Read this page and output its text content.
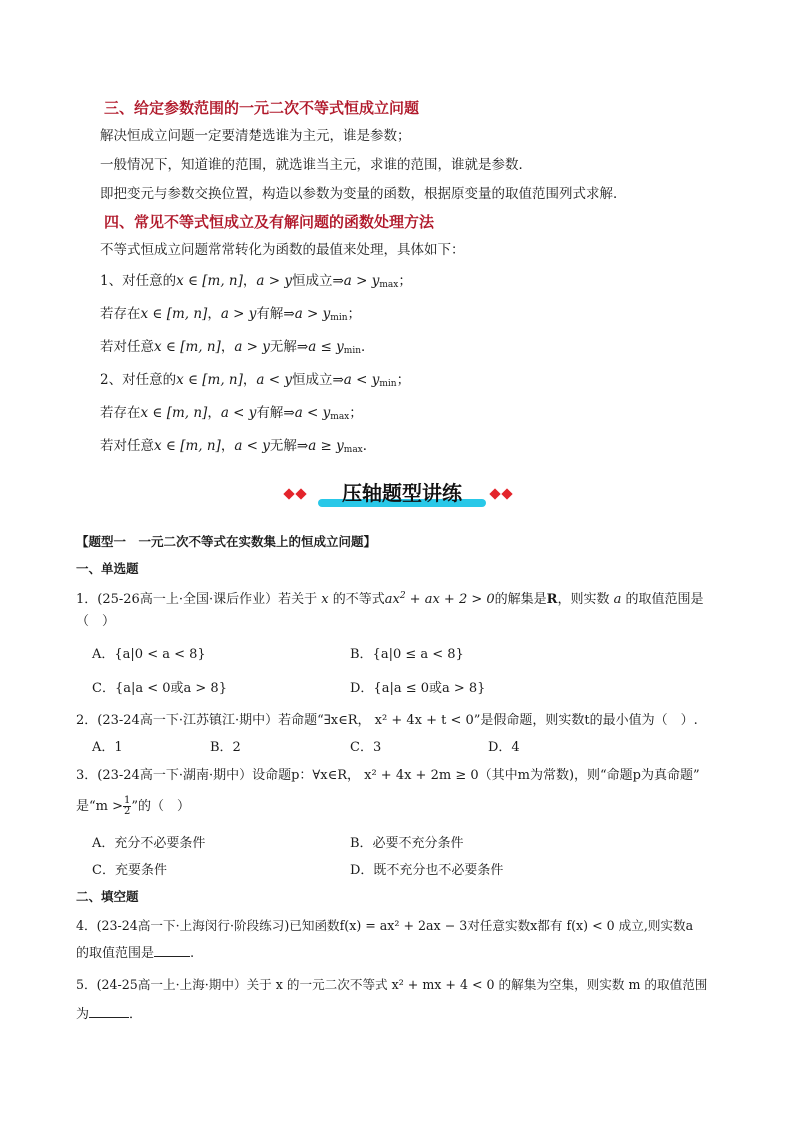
三、给定参数范围的一元二次不等式恒成立问题
解决恒成立问题一定要清楚选谁为主元，谁是参数；
一般情况下，知道谁的范围，就选谁当主元，求谁的范围，谁就是参数．
即把变元与参数交换位置，构造以参数为变量的函数，根据原变量的取值范围列式求解．
四、常见不等式恒成立及有解问题的函数处理方法
不等式恒成立问题常常转化为函数的最值来处理，具体如下：
1、对任意的x ∈ [m, n]，a > y恒成立⇒a > $y_{max}$；
若存在x ∈ [m, n]，a > y有解⇒a > $y_{min}$；
若对任意x ∈ [m, n]，a > y无解⇒a ≤ $y_{min}$．
2、对任意的x ∈ [m, n]，a < y恒成立⇒a < $y_{min}$；
若存在x ∈ [m, n]，a < y有解⇒a < $y_{max}$；
若对任意x ∈ [m, n]，a < y无解⇒a ≥ $y_{max}$．
压轴题型讲练
【题型一　一元二次不等式在实数集上的恒成立问题】
一、单选题
1．(25-26高一上·全国·课后作业）若关于 x 的不等式$ax^2$ + ax + 2 > 0的解集是R，则实数 a 的取值范围是
（　）
A．{a|0 < a < 8}	B．{a|0 ≤ a < 8}
C．{a|a < 0或a > 8}	D．{a|a ≤ 0或a > 8}
2．(23-24高一下·江苏镇江·期中）若命题“∃x∈R， x² + 4x + t < 0”是假命题，则实数t的最小值为（　）.
A．1	B．2	C．3	D．4
3．(23-24高一下·湖南·期中）设命题p：∀x∈R， x² + 4x + 2m ≥ 0（其中m为常数)，则“命题p为真命题”
是“$m > \frac{1}{2}$ ”的（　）
A．充分不必要条件	B．必要不充分条件
C．充要条件	D．既不充分也不必要条件
二、填空题
4．(23-24高一下·上海闵行·阶段练习)已知函数f(x) = ax² + 2ax − 3对任意实数x都有 f(x) < 0 成立,则实数a
的取值范围是	.
5．(24-25高一上·上海·期中）关于 x 的一元二次不等式 x² + mx + 4 < 0 的解集为空集，则实数 m 的取值范围
为	．
